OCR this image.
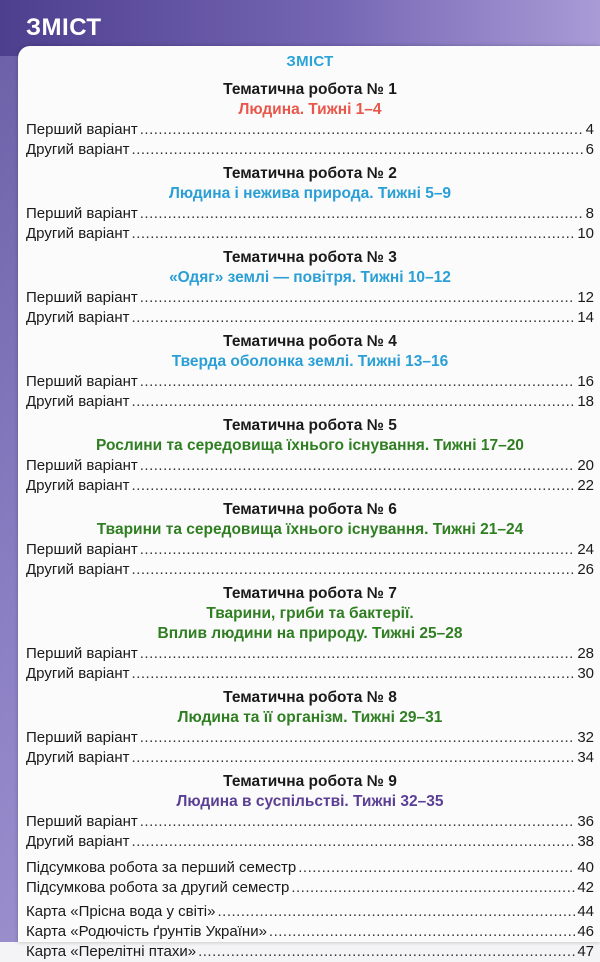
ЗМІСТ
ЗМІСТ
Тематична робота № 1
Людина. Тижні 1–4
Перший варіант .....	4
Другий варіант .....	6
Тематична робота № 2
Людина і нежива природа. Тижні 5–9
Перший варіант .....	8
Другий варіант .....	10
Тематична робота № 3
«Одяг» землі — повітря. Тижні 10–12
Перший варіант .....	12
Другий варіант .....	14
Тематична робота № 4
Тверда оболонка землі. Тижні 13–16
Перший варіант .....	16
Другий варіант .....	18
Тематична робота № 5
Рослини та середовища їхнього існування. Тижні 17–20
Перший варіант .....	20
Другий варіант .....	22
Тематична робота № 6
Тварини та середовища їхнього існування. Тижні 21–24
Перший варіант .....	24
Другий варіант .....	26
Тематична робота № 7
Тварини, гриби та бактерії.
Вплив людини на природу. Тижні 25–28
Перший варіант .....	28
Другий варіант .....	30
Тематична робота № 8
Людина та її організм. Тижні 29–31
Перший варіант .....	32
Другий варіант .....	34
Тематична робота № 9
Людина в суспільстві. Тижні 32–35
Перший варіант .....	36
Другий варіант .....	38
Підсумкова робота за перший семестр .....	40
Підсумкова робота за другий семестр .....	42
Карта «Прісна вода у світі» .....	44
Карта «Родючість ґрунтів України» .....	46
Карта «Перелітні птахи» .....	47
